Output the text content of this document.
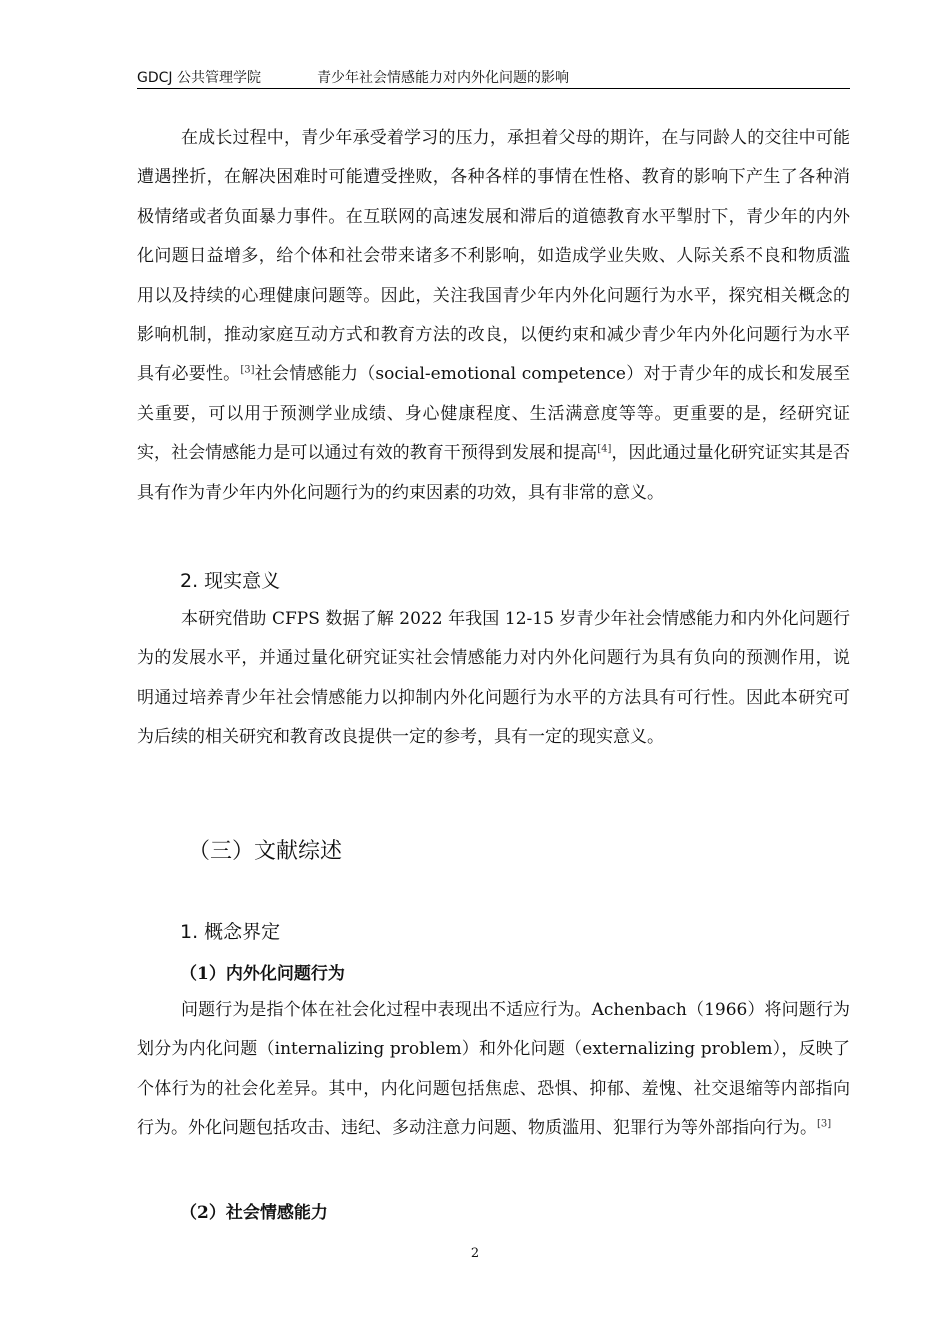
GDCJ 公共管理学院	青少年社会情感能力对内外化问题的影响

在成长过程中，青少年承受着学习的压力，承担着父母的期许，在与同龄人的交往中可能遭遇挫折，在解决困难时可能遭受挫败，各种各样的事情在性格、教育的影响下产生了各种消极情绪或者负面暴力事件。在互联网的高速发展和滞后的道德教育水平掣肘下，青少年的内外化问题日益增多，给个体和社会带来诸多不利影响，如造成学业失败、人际关系不良和物质滥用以及持续的心理健康问题等。因此，关注我国青少年内外化问题行为水平，探究相关概念的影响机制，推动家庭互动方式和教育方法的改良，以便约束和减少青少年内外化问题行为水平具有必要性。[3]社会情感能力（social-emotional competence）对于青少年的成长和发展至关重要，可以用于预测学业成绩、身心健康程度、生活满意度等等。更重要的是，经研究证实，社会情感能力是可以通过有效的教育干预得到发展和提高[4]，因此通过量化研究证实其是否具有作为青少年内外化问题行为的约束因素的功效，具有非常的意义。

2. 现实意义

本研究借助 CFPS 数据了解 2022 年我国 12-15 岁青少年社会情感能力和内外化问题行为的发展水平，并通过量化研究证实社会情感能力对内外化问题行为具有负向的预测作用，说明通过培养青少年社会情感能力以抑制内外化问题行为水平的方法具有可行性。因此本研究可为后续的相关研究和教育改良提供一定的参考，具有一定的现实意义。

（三）文献综述
1. 概念界定
（1）内外化问题行为

问题行为是指个体在社会化过程中表现出不适应行为。Achenbach（1966）将问题行为划分为内化问题（internalizing problem）和外化问题（externalizing problem），反映了个体行为的社会化差异。其中，内化问题包括焦虑、恐惧、抑郁、羞愧、社交退缩等内部指向行为。外化问题包括攻击、违纪、多动注意力问题、物质滥用、犯罪行为等外部指向行为。[3]

（2）社会情感能力
2
